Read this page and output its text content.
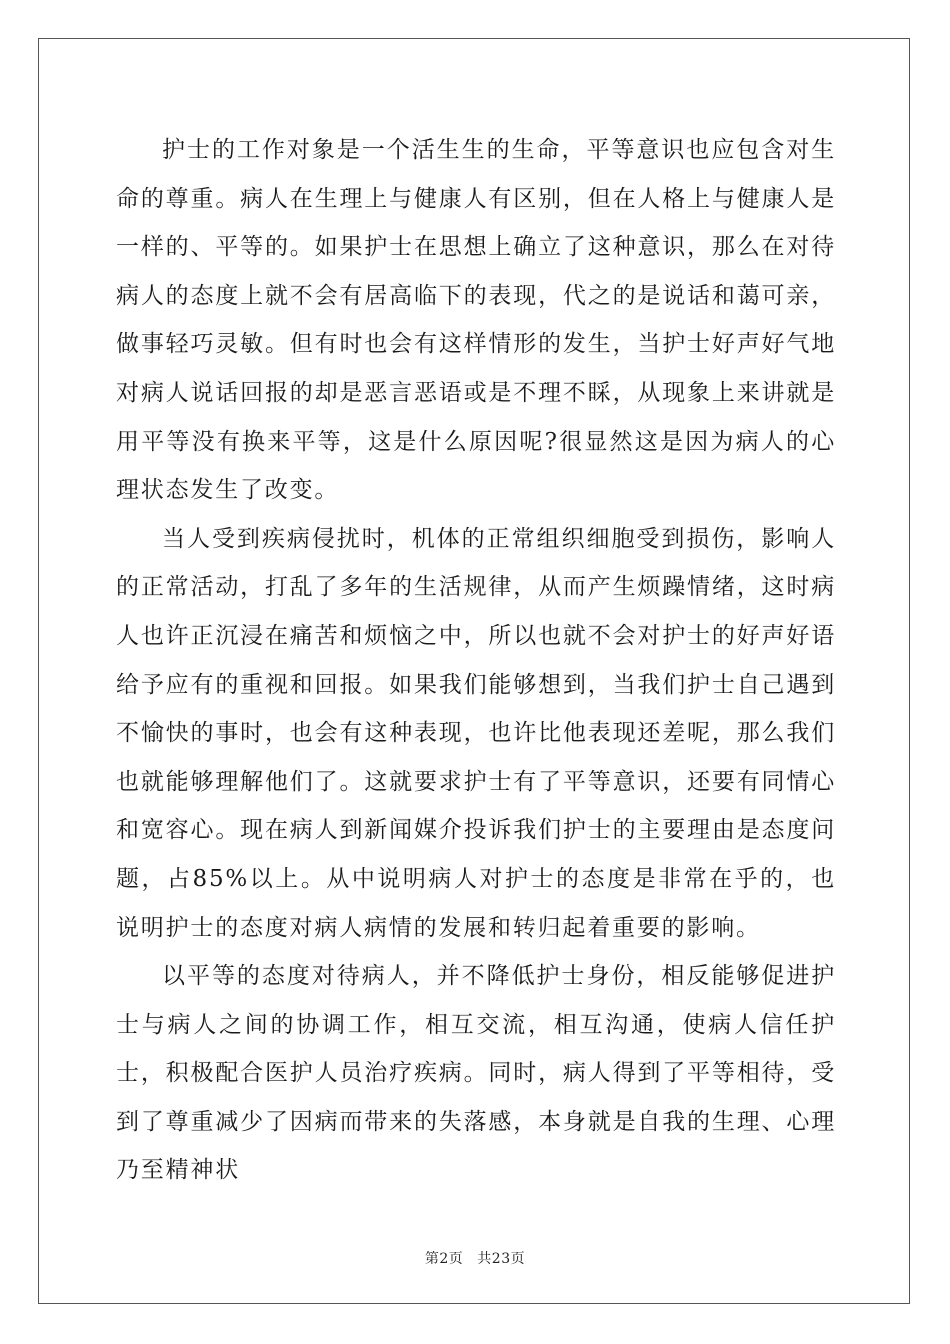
护士的工作对象是一个活生生的生命，平等意识也应包含对生命的尊重。病人在生理上与健康人有区别，但在人格上与健康人是一样的、平等的。如果护士在思想上确立了这种意识，那么在对待病人的态度上就不会有居高临下的表现，代之的是说话和蔼可亲，做事轻巧灵敏。但有时也会有这样情形的发生，当护士好声好气地对病人说话回报的却是恶言恶语或是不理不睬，从现象上来讲就是用平等没有换来平等，这是什么原因呢?很显然这是因为病人的心理状态发生了改变。

当人受到疾病侵扰时，机体的正常组织细胞受到损伤，影响人的正常活动，打乱了多年的生活规律，从而产生烦躁情绪，这时病人也许正沉浸在痛苦和烦恼之中，所以也就不会对护士的好声好语给予应有的重视和回报。如果我们能够想到，当我们护士自己遇到不愉快的事时，也会有这种表现，也许比他表现还差呢，那么我们也就能够理解他们了。这就要求护士有了平等意识，还要有同情心和宽容心。现在病人到新闻媒介投诉我们护士的主要理由是态度问题，占85%以上。从中说明病人对护士的态度是非常在乎的，也说明护士的态度对病人病情的发展和转归起着重要的影响。

以平等的态度对待病人，并不降低护士身份，相反能够促进护士与病人之间的协调工作，相互交流，相互沟通，使病人信任护士，积极配合医护人员治疗疾病。同时，病人得到了平等相待，受到了尊重减少了因病而带来的失落感，本身就是自我的生理、心理乃至精神状

第2页 共23页
